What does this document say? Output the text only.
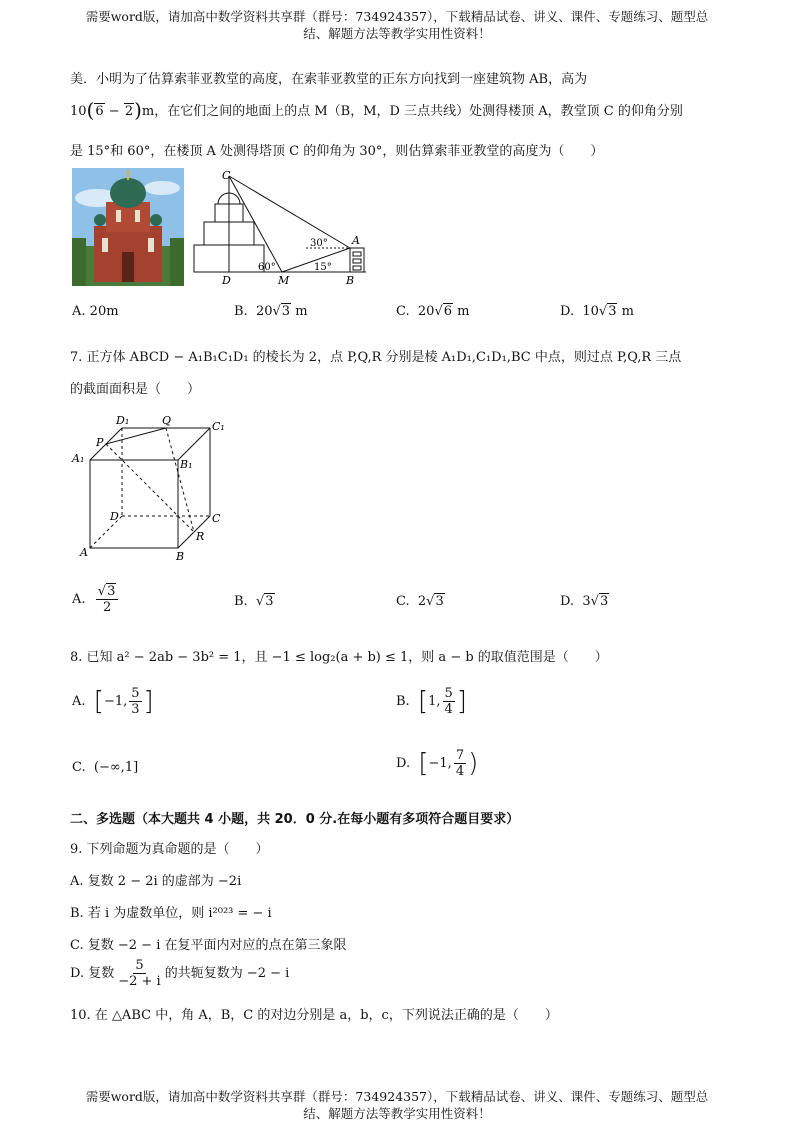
需要word版，请加高中数学资料共享群（群号：734924357），下载精品试卷、讲义、课件、专题练习、题型总
结、解题方法等教学实用性资料！
美．小明为了估算索菲亚教堂的高度，在索菲亚教堂的正东方向找到一座建筑物 AB，高为
10(6 − 2)m，在它们之间的地面上的点 M（B，M，D 三点共线）处测得楼顶 A，教堂顶 C 的仰角分别
是 15°和 60°，在楼顶 A 处测得塔顶 C 的仰角为 30°，则估算索菲亚教堂的高度为（　　）
C
A
D	M	B
30°
60°	15°
A. 20m	B. 20√3 m	C. 20√6 m	D. 10√3 m
7. 正方体 ABCD − A₁B₁C₁D₁ 的棱长为 2，点 P,Q,R 分别是棱 A₁D₁,C₁D₁,BC 中点，则过点 P,Q,R 三点
的截面面积是（　　）
D₁	Q	C₁
P
A₁	B₁
D	C
R
A	B
A. $\frac{√3}{2}$	B. √3	C. 2√3	D. 3√3
8. 已知 a² − 2ab − 3b² = 1，且 −1 ≤ log₂(a + b) ≤ 1，则 a − b 的取值范围是（　　）
A. [−1, $\frac{5}{3}$ ]	B. [1, $\frac{5}{4}$ ]
C. (−∞,1]	D. [−1, $\frac{7}{4}$ )
二、多选题（本大题共 4 小题，共 20．0 分.在每小题有多项符合题目要求）
9. 下列命题为真命题的是（　　）
A. 复数 2 − 2i 的虚部为 −2i
B. 若 i 为虚数单位，则 i²⁰²³ = − i
C. 复数 −2 − i 在复平面内对应的点在第三象限
D. 复数 $\frac{5}{-2 + i}$ 的共轭复数为 −2 − i
10. 在 △ABC 中，角 A，B，C 的对边分别是 a，b，c，下列说法正确的是（　　）
需要word版，请加高中数学资料共享群（群号：734924357），下载精品试卷、讲义、课件、专题练习、题型总
结、解题方法等教学实用性资料！
